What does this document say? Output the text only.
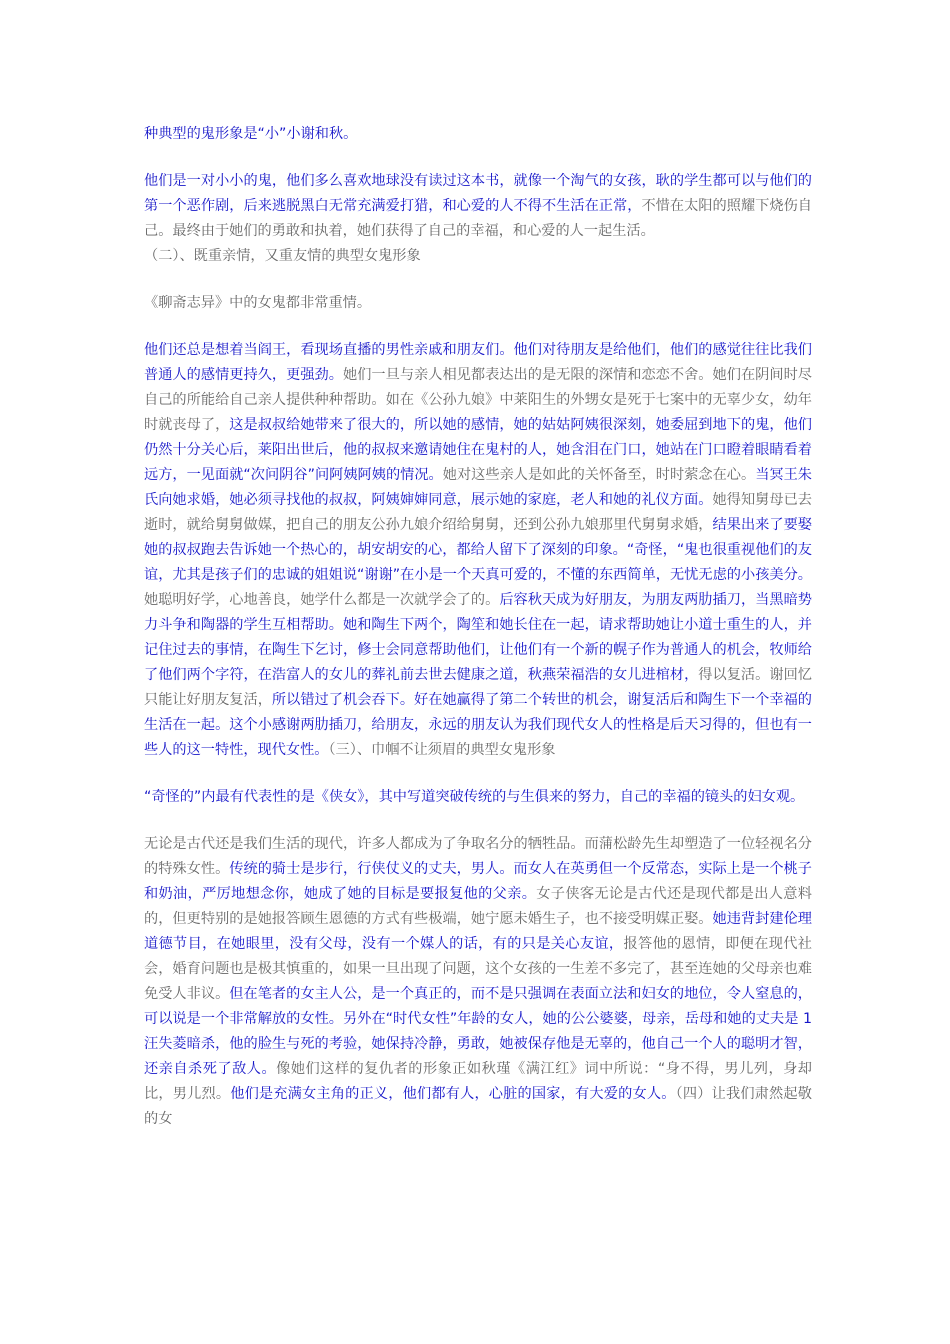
种典型的鬼形象是“小”小谢和秋。

他们是一对小小的鬼，他们多么喜欢地球没有读过这本书，就像一个淘气的女孩，耿的学生都可以与他们的第一个恶作剧，后来逃脱黑白无常充满爱打猎，和心爱的人不得不生活在正常，不惜在太阳的照耀下烧伤自己。最终由于她们的勇敢和执着，她们获得了自己的幸福，和心爱的人一起生活。

（二）、既重亲情，又重友情的典型女鬼形象

《聊斋志异》中的女鬼都非常重情。

他们还总是想着当阎王，看现场直播的男性亲戚和朋友们。他们对待朋友是给他们，他们的感觉往往比我们普通人的感情更持久，更强劲。她们一旦与亲人相见都表达出的是无限的深情和恋恋不舍。她们在阴间时尽自己的所能给自己亲人提供种种帮助。如在《公孙九娘》中莱阳生的外甥女是死于七案中的无辜少女，幼年时就丧母了，这是叔叔给她带来了很大的，所以她的感情，她的姑姑阿姨很深刻，她委屈到地下的鬼，他们仍然十分关心后，莱阳出世后，他的叔叔来邀请她住在鬼村的人，她含泪在门口，她站在门口瞪着眼睛看着远方，一见面就“次问阴谷”问阿姨阿姨的情况。她对这些亲人是如此的关怀备至，时时萦念在心。当冥王朱氏向她求婚，她必须寻找他的叔叔，阿姨婶婶同意，展示她的家庭，老人和她的礼仪方面。她得知舅母已去逝时，就给舅舅做媒，把自己的朋友公孙九娘介绍给舅舅，还到公孙九娘那里代舅舅求婚，结果出来了要娶她的叔叔跑去告诉她一个热心的，胡安胡安的心，都给人留下了深刻的印象。“奇怪，“鬼也很重视他们的友谊，尤其是孩子们的忠诚的姐姐说“谢谢”在小是一个天真可爱的，不懂的东西简单，无忧无虑的小孩美分。她聪明好学，心地善良，她学什么都是一次就学会了的。后容秋天成为好朋友，为朋友两肋插刀，当黑暗势力斗争和陶器的学生互相帮助。她和陶生下两个，陶笙和她长住在一起，请求帮助她让小道士重生的人，并记住过去的事情，在陶生下乞讨，修士会同意帮助他们，让他们有一个新的幌子作为普通人的机会，牧师给了他们两个字符，在浩富人的女儿的葬礼前去世去健康之道，秋燕荣福浩的女儿进棺材，得以复活。谢回忆只能让好朋友复活，所以错过了机会吞下。好在她赢得了第二个转世的机会，谢复活后和陶生下一个幸福的生活在一起。这个小感谢两肋插刀，给朋友，永远的朋友认为我们现代女人的性格是后天习得的，但也有一些人的这一特性，现代女性。（三）、巾帼不让须眉的典型女鬼形象

“奇怪的”内最有代表性的是《侠女》，其中写道突破传统的与生俱来的努力，自己的幸福的镜头的妇女观。

无论是古代还是我们生活的现代，许多人都成为了争取名分的牺牲品。而蒲松龄先生却塑造了一位轻视名分的特殊女性。传统的骑士是步行，行侠仗义的丈夫，男人。而女人在英勇但一个反常态，实际上是一个桃子和奶油，严厉地想念你，她成了她的目标是要报复他的父亲。女子侠客无论是古代还是现代都是出人意料的，但更特别的是她报答顾生恩德的方式有些极端，她宁愿未婚生子，也不接受明媒正娶。她违背封建伦理道德节目，在她眼里，没有父母，没有一个媒人的话，有的只是关心友谊，报答他的恩情，即便在现代社会，婚育问题也是极其慎重的，如果一旦出现了问题，这个女孩的一生差不多完了，甚至连她的父母亲也难免受人非议。但在笔者的女主人公，是一个真正的，而不是只强调在表面立法和妇女的地位，令人窒息的，可以说是一个非常解放的女性。另外在“时代女性”年龄的女人，她的公公婆婆，母亲，岳母和她的丈夫是 1 汪失菱暗杀，他的脸生与死的考验，她保持冷静，勇敢，她被保存他是无辜的，他自己一个人的聪明才智，还亲自杀死了敌人。像她们这样的复仇者的形象正如秋瑾《满江红》词中所说：“身不得，男儿列，身却比，男儿烈。他们是充满女主角的正义，他们都有人，心脏的国家，有大爱的女人。（四）让我们肃然起敬的女
